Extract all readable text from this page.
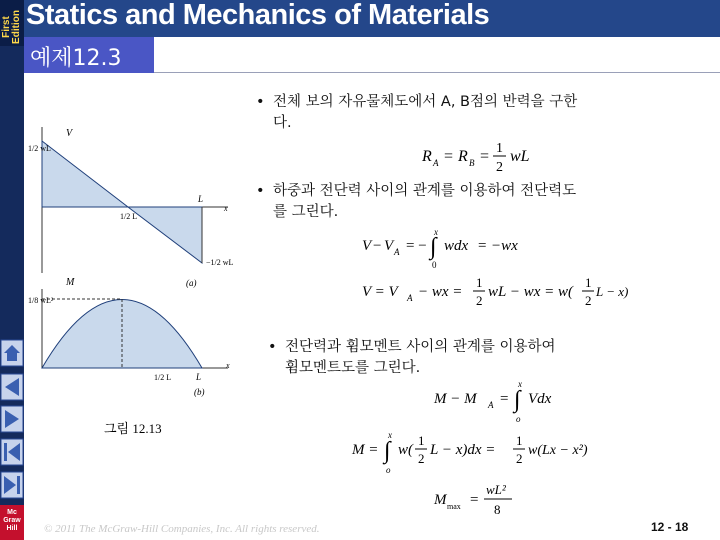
First Edition Statics and Mechanics of Materials
예제12.3
Mc Graw Hill
V
1/2 wL
1/2 L
L
x
−1/2 wL
(a)
M
1/8 wL²
1/2 L	L
x
(b)
그림 12.13
• 전체 보의 자유물체도에서 A, B점의 반력을 구한
다.
• 하중과 전단력 사이의 관계를 이용하여 전단력도
를 그린다.
• 전단력과 휨모멘트 사이의 관계를 이용하여
휨모멘트도를 그린다.
R A = R B = 1
2
wL
V − V A = − ∫
x
0
wdx = −wx
V = V A − wx =
1
2
wL − wx = w(
1
2
L − x)
M − M A = ∫
x
o
Vdx
M = ∫
x
o
w(
1
2
L − x)dx =
1
2
w(Lx − x²)
M max =
wL²
8
© 2011 The McGraw-Hill Companies, Inc. All rights reserved.	12 - 18
